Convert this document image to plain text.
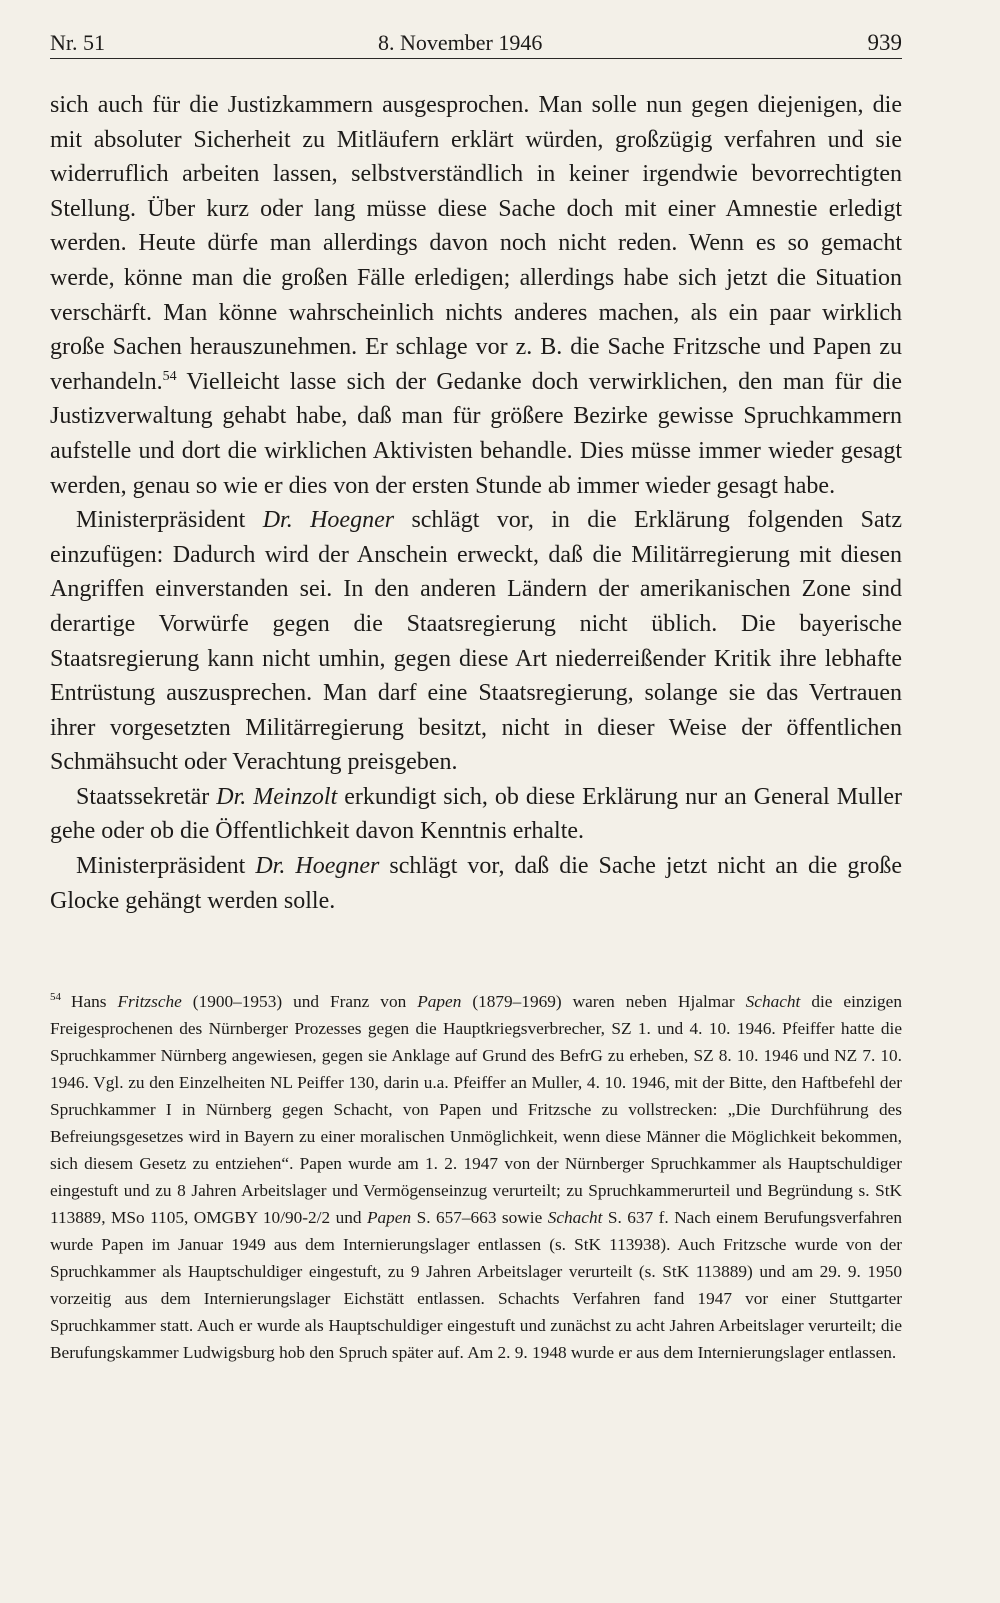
Nr. 51	8. November 1946	939

sich auch für die Justizkammern ausgesprochen. Man solle nun gegen diejenigen, die mit absoluter Sicherheit zu Mitläufern erklärt würden, großzügig verfahren und sie widerruflich arbeiten lassen, selbstverständlich in keiner irgendwie bevorrechtigten Stellung. Über kurz oder lang müsse diese Sache doch mit einer Amnestie erledigt werden. Heute dürfe man allerdings davon noch nicht reden. Wenn es so gemacht werde, könne man die großen Fälle erledigen; allerdings habe sich jetzt die Situation verschärft. Man könne wahrscheinlich nichts anderes machen, als ein paar wirklich große Sachen herauszunehmen. Er schlage vor z. B. die Sache Fritzsche und Papen zu verhandeln.$^{54}$ Vielleicht lasse sich der Gedanke doch verwirklichen, den man für die Justizverwaltung gehabt habe, daß man für größere Bezirke gewisse Spruchkammern aufstelle und dort die wirklichen Aktivisten behandle. Dies müsse immer wieder gesagt werden, genau so wie er dies von der ersten Stunde ab immer wieder gesagt habe.

Ministerpräsident Dr. Hoegner schlägt vor, in die Erklärung folgenden Satz einzufügen: Dadurch wird der Anschein erweckt, daß die Militärregierung mit diesen Angriffen einverstanden sei. In den anderen Ländern der amerikanischen Zone sind derartige Vorwürfe gegen die Staatsregierung nicht üblich. Die bayerische Staatsregierung kann nicht umhin, gegen diese Art niederreißender Kritik ihre lebhafte Entrüstung auszusprechen. Man darf eine Staatsregierung, solange sie das Vertrauen ihrer vorgesetzten Militärregierung besitzt, nicht in dieser Weise der öffentlichen Schmähsucht oder Verachtung preisgeben.

Staatssekretär Dr. Meinzolt erkundigt sich, ob diese Erklärung nur an General Muller gehe oder ob die Öffentlichkeit davon Kenntnis erhalte.

Ministerpräsident Dr. Hoegner schlägt vor, daß die Sache jetzt nicht an die große Glocke gehängt werden solle.

$^{54}$ Hans Fritzsche (1900–1953) und Franz von Papen (1879–1969) waren neben Hjalmar Schacht die einzigen Freigesprochenen des Nürnberger Prozesses gegen die Hauptkriegsverbrecher, SZ 1. und 4. 10. 1946. Pfeiffer hatte die Spruchkammer Nürnberg angewiesen, gegen sie Anklage auf Grund des BefrG zu erheben, SZ 8. 10. 1946 und NZ 7. 10. 1946. Vgl. zu den Einzelheiten NL Peiffer 130, darin u.a. Pfeiffer an Muller, 4. 10. 1946, mit der Bitte, den Haftbefehl der Spruchkammer I in Nürnberg gegen Schacht, von Papen und Fritzsche zu vollstrecken: „Die Durchführung des Befreiungsgesetzes wird in Bayern zu einer moralischen Unmöglichkeit, wenn diese Männer die Möglichkeit bekommen, sich diesem Gesetz zu entziehen“. Papen wurde am 1. 2. 1947 von der Nürnberger Spruchkammer als Hauptschuldiger eingestuft und zu 8 Jahren Arbeitslager und Vermögenseinzug verurteilt; zu Spruchkammerurteil und Begründung s. StK 113889, MSo 1105, OMGBY 10/90-2/2 und Papen S. 657–663 sowie Schacht S. 637 f. Nach einem Berufungsverfahren wurde Papen im Januar 1949 aus dem Internierungslager entlassen (s. StK 113938). Auch Fritzsche wurde von der Spruchkammer als Hauptschuldiger eingestuft, zu 9 Jahren Arbeitslager verurteilt (s. StK 113889) und am 29. 9. 1950 vorzeitig aus dem Internierungslager Eichstätt entlassen. Schachts Verfahren fand 1947 vor einer Stuttgarter Spruchkammer statt. Auch er wurde als Hauptschuldiger eingestuft und zunächst zu acht Jahren Arbeitslager verurteilt; die Berufungskammer Ludwigsburg hob den Spruch später auf. Am 2. 9. 1948 wurde er aus dem Internierungslager entlassen.
